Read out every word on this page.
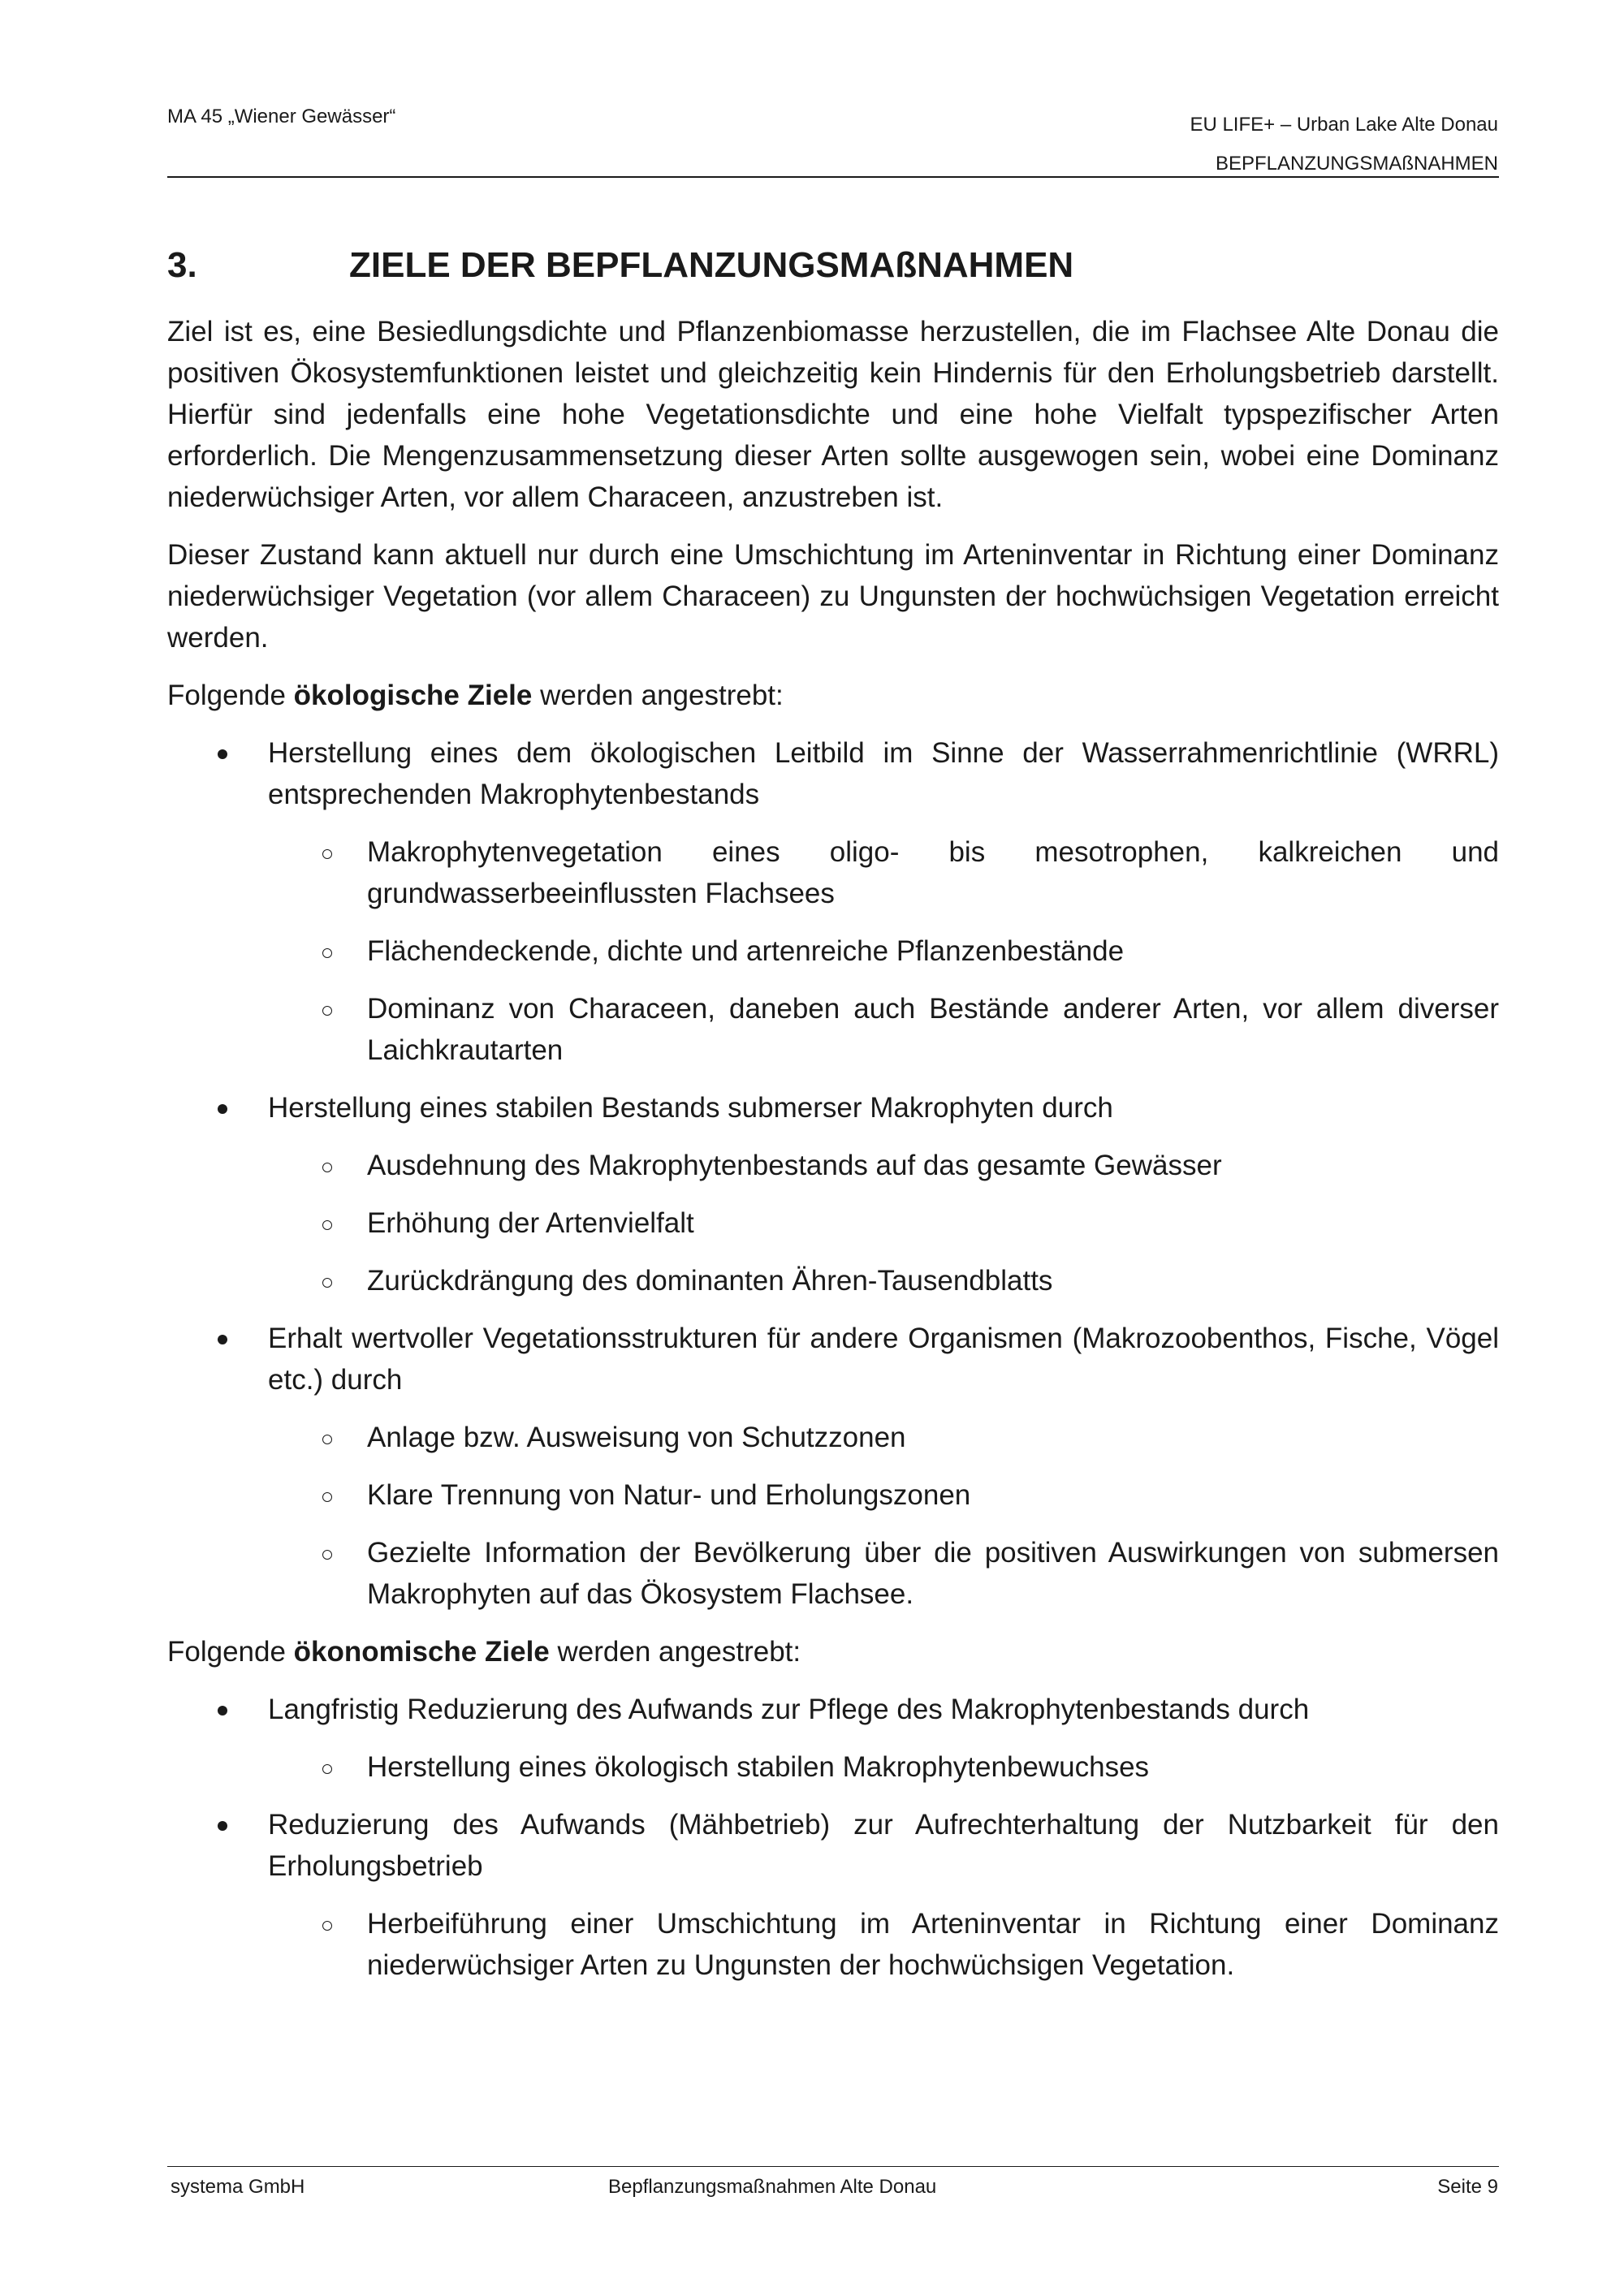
MA 45 „Wiener Gewässer“	EU LIFE+ – Urban Lake Alte Donau
BEPFLANZUNGSMAßNAHMEN
3.	ZIELE DER BEPFLANZUNGSMAßNAHMEN

Ziel ist es, eine Besiedlungsdichte und Pflanzenbiomasse herzustellen, die im Flachsee Alte Donau die positiven Ökosystemfunktionen leistet und gleichzeitig kein Hindernis für den Erholungsbetrieb darstellt. Hierfür sind jedenfalls eine hohe Vegetationsdichte und eine hohe Vielfalt typspezifischer Arten erforderlich. Die Mengenzusammensetzung dieser Arten sollte ausgewogen sein, wobei eine Dominanz niederwüchsiger Arten, vor allem Characeen, anzustreben ist.

Dieser Zustand kann aktuell nur durch eine Umschichtung im Arteninventar in Richtung einer Dominanz niederwüchsiger Vegetation (vor allem Characeen) zu Ungunsten der hochwüchsigen Vegetation erreicht werden.

Folgende ökologische Ziele werden angestrebt:

Herstellung eines dem ökologischen Leitbild im Sinne der Wasserrahmenrichtlinie (WRRL) entsprechenden Makrophytenbestands
Makrophytenvegetation eines oligo- bis mesotrophen, kalkreichen und grundwasserbeeinflussten Flachsees
Flächendeckende, dichte und artenreiche Pflanzenbestände
Dominanz von Characeen, daneben auch Bestände anderer Arten, vor allem diverser Laichkrautarten
Herstellung eines stabilen Bestands submerser Makrophyten durch
Ausdehnung des Makrophytenbestands auf das gesamte Gewässer
Erhöhung der Artenvielfalt
Zurückdrängung des dominanten Ähren-Tausendblatts
Erhalt wertvoller Vegetationsstrukturen für andere Organismen (Makrozoobenthos, Fische, Vögel etc.) durch
Anlage bzw. Ausweisung von Schutzzonen
Klare Trennung von Natur- und Erholungszonen
Gezielte Information der Bevölkerung über die positiven Auswirkungen von submersen Makrophyten auf das Ökosystem Flachsee.

Folgende ökonomische Ziele werden angestrebt:

Langfristig Reduzierung des Aufwands zur Pflege des Makrophytenbestands durch
Herstellung eines ökologisch stabilen Makrophytenbewuchses
Reduzierung des Aufwands (Mähbetrieb) zur Aufrechterhaltung der Nutzbarkeit für den Erholungsbetrieb
Herbeiführung einer Umschichtung im Arteninventar in Richtung einer Dominanz niederwüchsiger Arten zu Ungunsten der hochwüchsigen Vegetation.
systema GmbH	Bepflanzungsmaßnahmen Alte Donau	Seite 9
